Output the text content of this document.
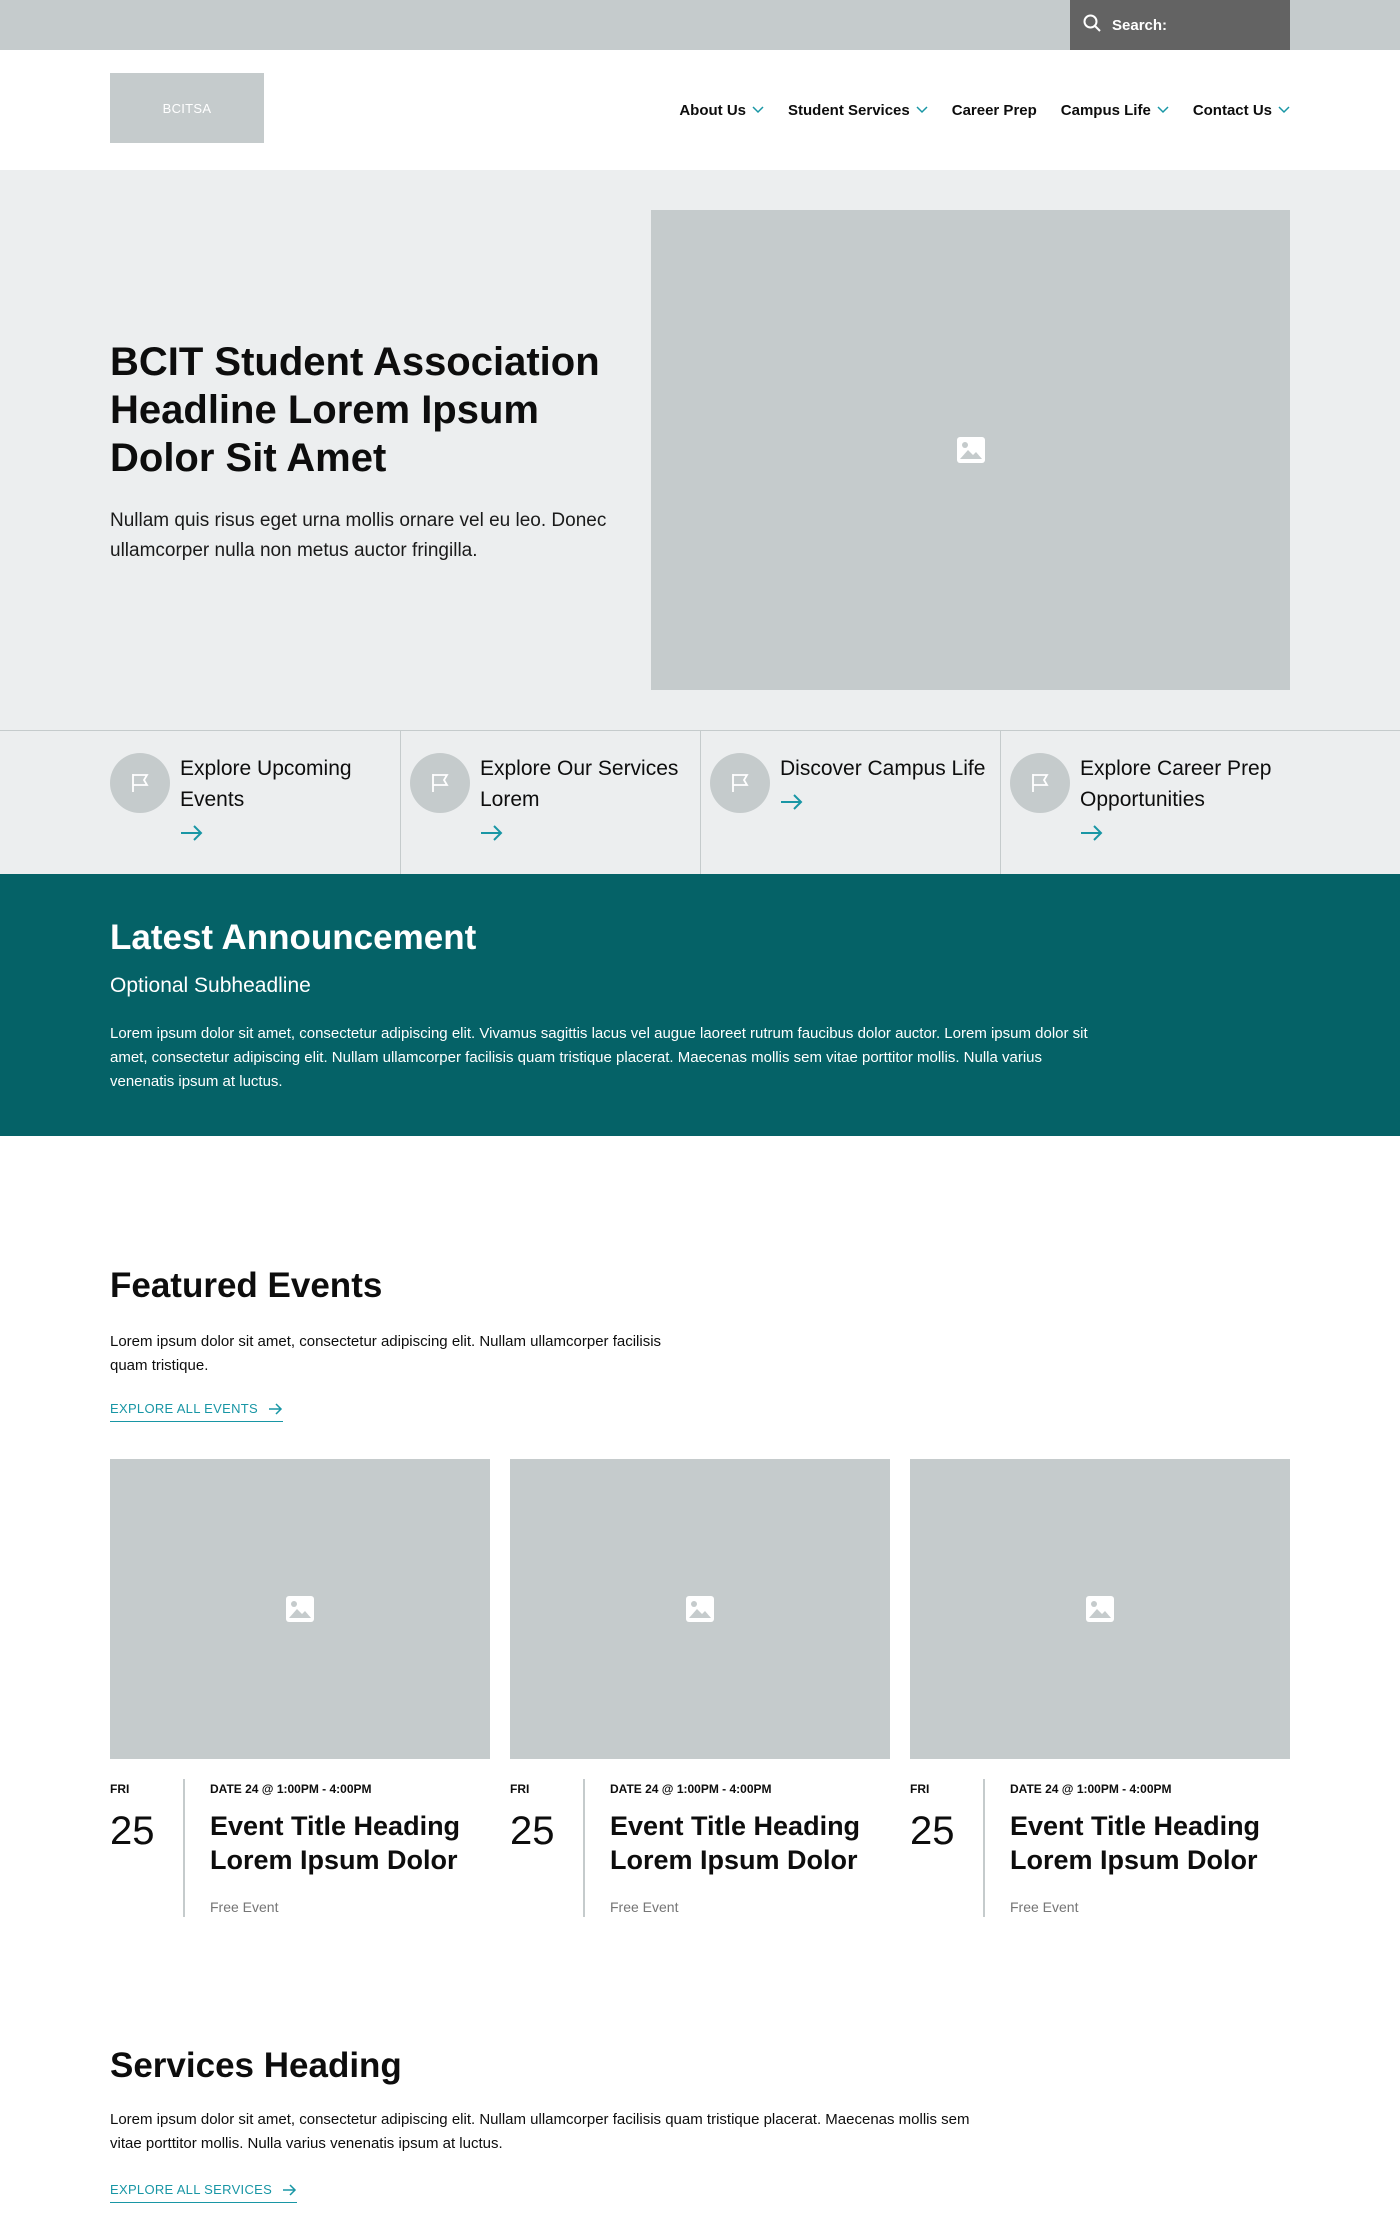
Search:
BCITSA	About Us	Student Services	Career Prep Campus Life	Contact Us
BCIT Student Association Headline Lorem Ipsum Dolor Sit Amet

Nullam quis risus eget urna mollis ornare vel eu leo. Donec ullamcorper nulla non metus auctor fringilla.

Explore Upcoming Events
Explore Our Services Lorem
Discover Campus Life	Explore Career Prep Opportunities
Latest Announcement
Optional Subheadline

Lorem ipsum dolor sit amet, consectetur adipiscing elit. Vivamus sagittis lacus vel augue laoreet rutrum faucibus dolor auctor. Lorem ipsum dolor sit amet, consectetur adipiscing elit. Nullam ullamcorper facilisis quam tristique placerat. Maecenas mollis sem vitae porttitor mollis. Nulla varius venenatis ipsum at luctus.

Featured Events

Lorem ipsum dolor sit amet, consectetur adipiscing elit. Nullam ullamcorper facilisis quam tristique.

EXPLORE ALL EVENTS
FRI
25
DATE 24 @ 1:00PM - 4:00PM
Event Title Heading Lorem Ipsum Dolor
Free Event
FRI
25
DATE 24 @ 1:00PM - 4:00PM
Event Title Heading Lorem Ipsum Dolor
Free Event
FRI
25
DATE 24 @ 1:00PM - 4:00PM
Event Title Heading Lorem Ipsum Dolor
Free Event
Services Heading

Lorem ipsum dolor sit amet, consectetur adipiscing elit. Nullam ullamcorper facilisis quam tristique placerat. Maecenas mollis sem vitae porttitor mollis. Nulla varius venenatis ipsum at luctus.

EXPLORE ALL SERVICES
